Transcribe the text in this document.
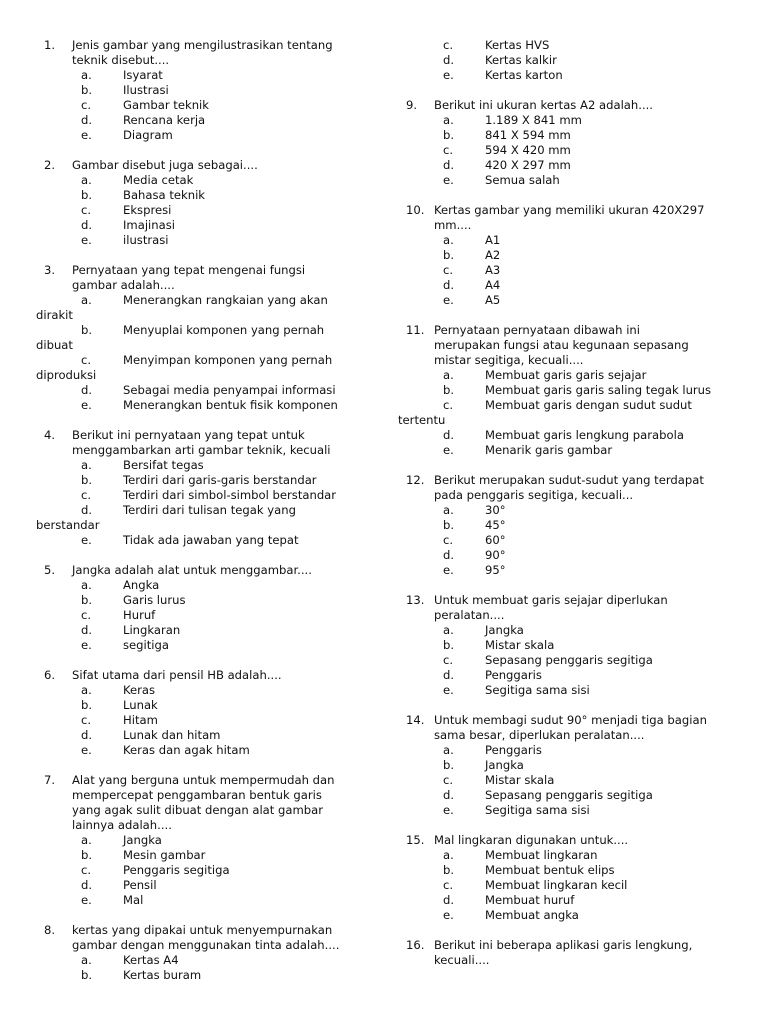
1. Jenis gambar yang mengilustrasikan tentang
teknik disebut....
a.	Isyarat
b.	Ilustrasi
c.	Gambar teknik
d.	Rencana kerja
e.	Diagram
2. Gambar disebut juga sebagai....
a.	Media cetak
b.	Bahasa teknik
c.	Ekspresi
d.	Imajinasi
e.	ilustrasi
3. Pernyataan yang tepat mengenai fungsi
gambar adalah....
a.	Menerangkan rangkaian yang akan
dirakit
b.	Menyuplai komponen yang pernah
dibuat
c.	Menyimpan komponen yang pernah
diproduksi
d.	Sebagai media penyampai informasi
e.	Menerangkan bentuk fisik komponen
4. Berikut ini pernyataan yang tepat untuk
menggambarkan arti gambar teknik, kecuali
a.	Bersifat tegas
b.	Terdiri dari garis-garis berstandar
c.	Terdiri dari simbol-simbol berstandar
d.	Terdiri dari tulisan tegak yang
berstandar
e.	Tidak ada jawaban yang tepat
5. Jangka adalah alat untuk menggambar....
a.	Angka
b.	Garis lurus
c.	Huruf
d.	Lingkaran
e.	segitiga
6. Sifat utama dari pensil HB adalah....
a.	Keras
b.	Lunak
c.	Hitam
d.	Lunak dan hitam
e.	Keras dan agak hitam
7. Alat yang berguna untuk mempermudah dan
mempercepat penggambaran bentuk garis
yang agak sulit dibuat dengan alat gambar
lainnya adalah....
a.	Jangka
b.	Mesin gambar
c.	Penggaris segitiga
d.	Pensil
e.	Mal
8. kertas yang dipakai untuk menyempurnakan
gambar dengan menggunakan tinta adalah....
a.	Kertas A4
b.	Kertas buram
c.	Kertas HVS
d.	Kertas kalkir
e.	Kertas karton
9. Berikut ini ukuran kertas A2 adalah....
a.	1.189 X 841 mm
b.	841 X 594 mm
c.	594 X 420 mm
d.	420 X 297 mm
e.	Semua salah
10. Kertas gambar yang memiliki ukuran 420X297
mm....
a.	A1
b.	A2
c.	A3
d.	A4
e.	A5
11. Pernyataan pernyataan dibawah ini
merupakan fungsi atau kegunaan sepasang
mistar segitiga, kecuali....
a.	Membuat garis garis sejajar
b.	Membuat garis garis saling tegak lurus
c.	Membuat garis dengan sudut sudut
tertentu
d.	Membuat garis lengkung parabola
e.	Menarik garis gambar
12. Berikut merupakan sudut-sudut yang terdapat
pada penggaris segitiga, kecuali...
a.	30°
b.	45°
c.	60°
d.	90°
e.	95°
13. Untuk membuat garis sejajar diperlukan
peralatan....
a.	Jangka
b.	Mistar skala
c.	Sepasang penggaris segitiga
d.	Penggaris
e.	Segitiga sama sisi
14. Untuk membagi sudut 90° menjadi tiga bagian
sama besar, diperlukan peralatan....
a.	Penggaris
b.	Jangka
c.	Mistar skala
d.	Sepasang penggaris segitiga
e.	Segitiga sama sisi
15. Mal lingkaran digunakan untuk....
a.	Membuat lingkaran
b.	Membuat bentuk elips
c.	Membuat lingkaran kecil
d.	Membuat huruf
e.	Membuat angka
16. Berikut ini beberapa aplikasi garis lengkung,
kecuali....
